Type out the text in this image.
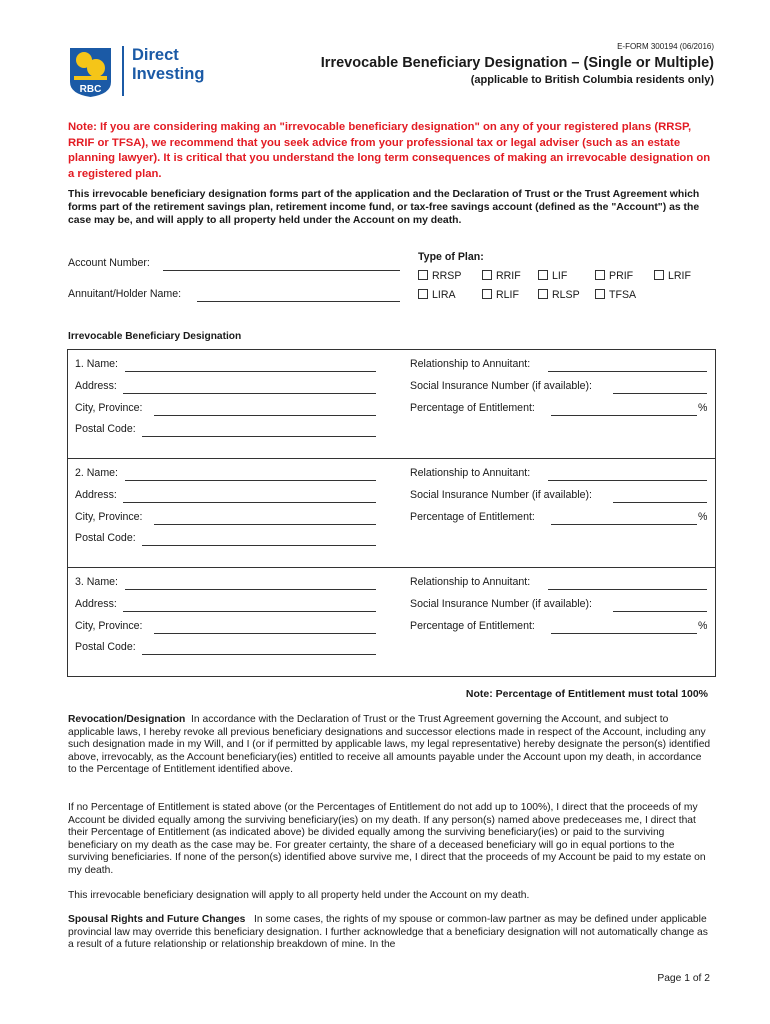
RBC
Direct
Investing
E-FORM 300194 (06/2016)
Irrevocable Beneficiary Designation – (Single or Multiple)
(applicable to British Columbia residents only)
Note: If you are considering making an "irrevocable beneficiary designation" on any of your registered plans (RRSP, RRIF or TFSA), we recommend that you seek advice from your professional tax or legal adviser (such as an estate planning lawyer). It is critical that you understand the long term consequences of making an irrevocable designation on a registered plan.
This irrevocable beneficiary designation forms part of the application and the Declaration of Trust or the Trust Agreement which forms part of the retirement savings plan, retirement income fund, or tax-free savings account (defined as the "Account") as the case may be, and will apply to all property held under the Account on my death.
Account Number:
Annuitant/Holder Name:
Type of Plan:
RRSP	RRIF	LIF	PRIF	LRIF
LIRA	RLIF	RLSP	TFSA
Irrevocable Beneficiary Designation
1. Name:
Address:
City, Province:
Postal Code:
Relationship to Annuitant:
Social Insurance Number (if available):
Percentage of Entitlement:	%
2. Name:
Address:
City, Province:
Postal Code:
Relationship to Annuitant:
Social Insurance Number (if available):
Percentage of Entitlement:	%
3. Name:
Address:
City, Province:
Postal Code:
Relationship to Annuitant:
Social Insurance Number (if available):
Percentage of Entitlement:	%
Note: Percentage of Entitlement must total 100%
Revocation/Designation In accordance with the Declaration of Trust or the Trust Agreement governing the Account, and subject to applicable laws, I hereby revoke all previous beneficiary designations and successor elections made in respect of the Account, including any such designation made in my Will, and I (or if permitted by applicable laws, my legal representative) hereby designate the person(s) identified above, irrevocably, as the Account beneficiary(ies) entitled to receive all amounts payable under the Account upon my death, in accordance to the Percentage of Entitlement identified above.
If no Percentage of Entitlement is stated above (or the Percentages of Entitlement do not add up to 100%), I direct that the proceeds of my Account be divided equally among the surviving beneficiary(ies) on my death. If any person(s) named above predeceases me, I direct that their Percentage of Entitlement (as indicated above) be divided equally among the surviving beneficiary(ies) or paid to the surviving beneficiary on my death as the case may be. For greater certainty, the share of a deceased beneficiary will go in equal portions to the surviving beneficiaries. If none of the person(s) identified above survive me, I direct that the proceeds of my Account be paid to my estate on my death.
This irrevocable beneficiary designation will apply to all property held under the Account on my death.
Spousal Rights and Future Changes In some cases, the rights of my spouse or common-law partner as may be defined under applicable provincial law may override this beneficiary designation. I further acknowledge that a beneficiary designation will not automatically change as a result of a future relationship or relationship breakdown of mine. In the
Page 1 of 2
